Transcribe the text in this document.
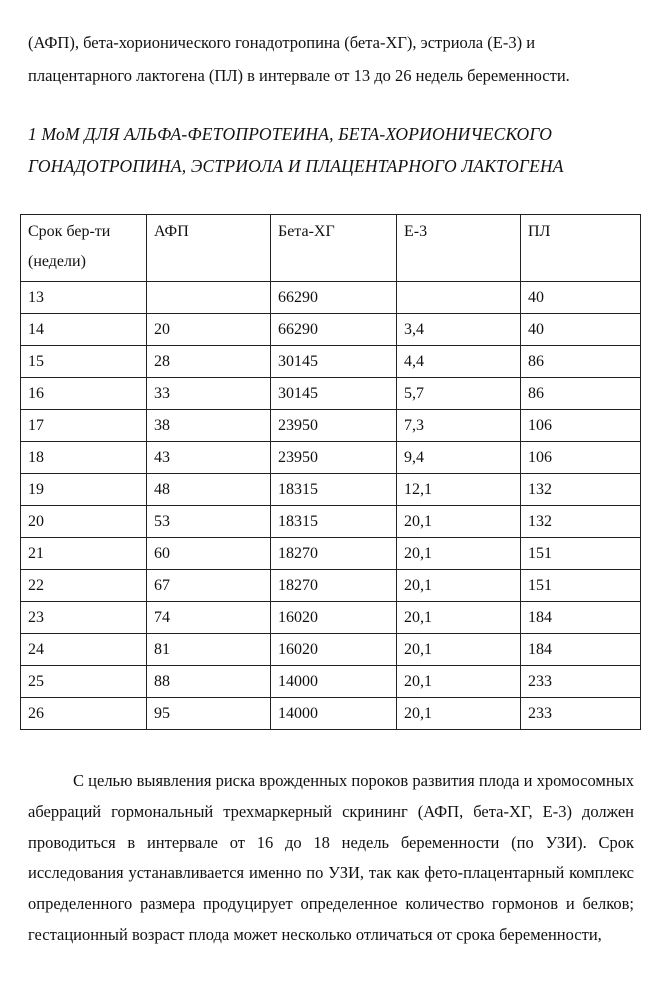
(АФП), бета-хорионического гонадотропина (бета-ХГ), эстриола (Е-3) и

плацентарного лактогена (ПЛ) в интервале от 13 до 26 недель беременности.

1 МоМ ДЛЯ АЛЬФА-ФЕТОПРОТЕИНА, БЕТА-ХОРИОНИЧЕСКОГО

ГОНАДОТРОПИНА, ЭСТРИОЛА И ПЛАЦЕНТАРНОГО ЛАКТОГЕНА

Срок бер-ти
(недели)	АФП	Бета-ХГ	Е-3	ПЛ
13		66290		40
14	20	66290	3,4	40
15	28	30145	4,4	86
16	33	30145	5,7	86
17	38	23950	7,3	106
18	43	23950	9,4	106
19	48	18315	12,1	132
20	53	18315	20,1	132
21	60	18270	20,1	151
22	67	18270	20,1	151
23	74	16020	20,1	184
24	81	16020	20,1	184
25	88	14000	20,1	233
26	95	14000	20,1	233

С целью выявления риска врожденных пороков развития плода и хромосомных аберраций гормональный трехмаркерный скрининг (АФП, бета-ХГ, Е-3) должен проводиться в интервале от 16 до 18 недель беременности (по УЗИ). Срок исследования устанавливается именно по УЗИ, так как фето-плацентарный комплекс определенного размера продуцирует определенное количество гормонов и белков; гестационный возраст плода может несколько отличаться от срока беременности,
